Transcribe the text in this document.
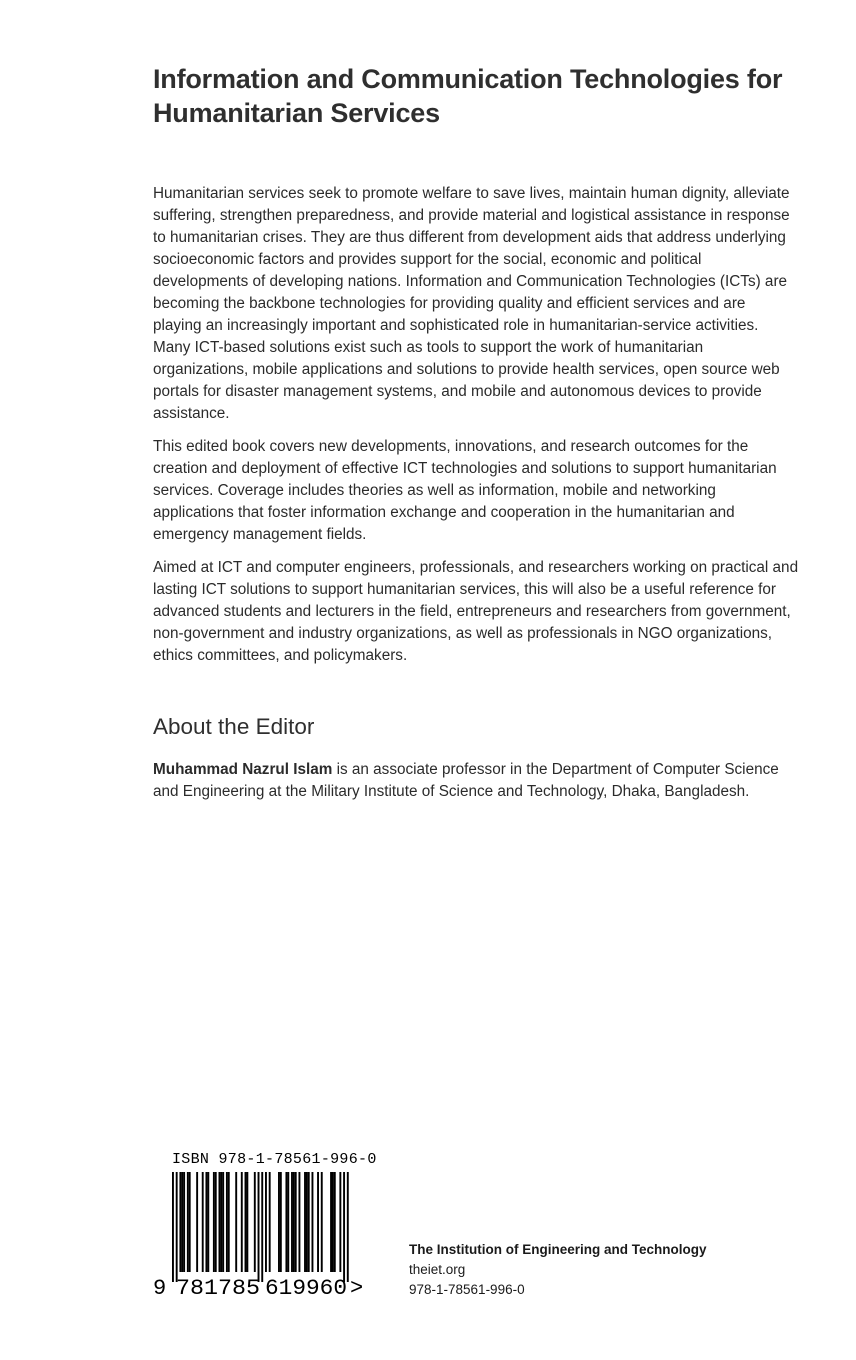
Information and Communication Technologies for
Humanitarian Services
Humanitarian services seek to promote welfare to save lives, maintain human dignity, alleviate
suffering, strengthen preparedness, and provide material and logistical assistance in response
to humanitarian crises. They are thus different from development aids that address underlying
socioeconomic factors and provides support for the social, economic and political
developments of developing nations. Information and Communication Technologies (ICTs) are
becoming the backbone technologies for providing quality and efficient services and are
playing an increasingly important and sophisticated role in humanitarian-service activities.
Many ICT-based solutions exist such as tools to support the work of humanitarian
organizations, mobile applications and solutions to provide health services, open source web
portals for disaster management systems, and mobile and autonomous devices to provide
assistance.
This edited book covers new developments, innovations, and research outcomes for the
creation and deployment of effective ICT technologies and solutions to support humanitarian
services. Coverage includes theories as well as information, mobile and networking
applications that foster information exchange and cooperation in the humanitarian and
emergency management fields.
Aimed at ICT and computer engineers, professionals, and researchers working on practical and
lasting ICT solutions to support humanitarian services, this will also be a useful reference for
advanced students and lecturers in the field, entrepreneurs and researchers from government,
non-government and industry organizations, as well as professionals in NGO organizations,
ethics committees, and policymakers.
About the Editor
Muhammad Nazrul Islam is an associate professor in the Department of Computer Science
and Engineering at the Military Institute of Science and Technology, Dhaka, Bangladesh.
ISBN 978-1-78561-996-0
9 781785 619960 >
The Institution of Engineering and Technology
theiet.org
978-1-78561-996-0
